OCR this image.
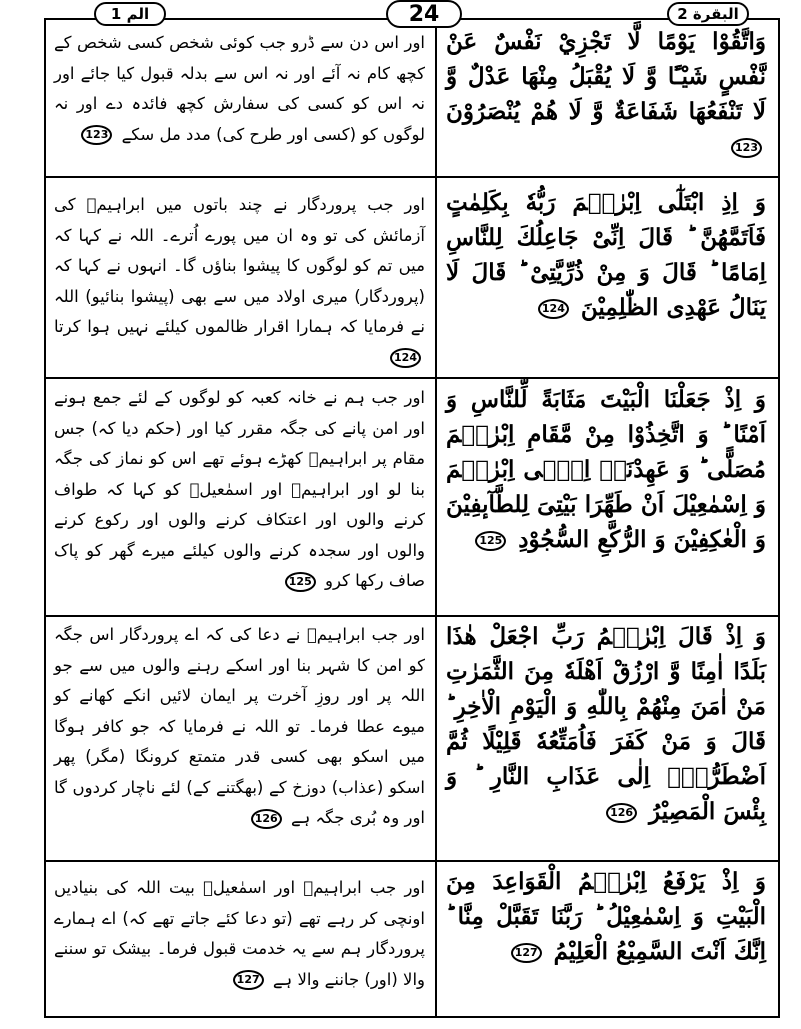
الم 1	24	البقرة 2
وَاتَّقُوْا يَوْمًا لَّا تَجْزِيْ نَفْسٌ عَنْ نَّفْسٍ شَيْـًٔا وَّ لَا يُقْبَلُ مِنْهَا عَدْلٌ وَّ لَا تَنْفَعُهَا شَفَاعَةٌ وَّ لَا هُمْ يُنْصَرُوْنَ 123
اور اس دن سے ڈرو جب کوئی شخص کسی شخص کے کچھ کام نہ آئے اور نہ اس سے بدلہ قبول کیا جائے اور نہ اس کو کسی کی سفارش کچھ فائدہ دے اور نہ لوگوں کو (کسی اور طرح کی) مدد مل سکے 123
وَ اِذِ ابْتَلٰٓى اِبْرٰهٖمَ رَبُّهٗ بِكَلِمٰتٍ فَاَتَمَّهُنَّ ؕ قَالَ اِنِّیْ جَاعِلُكَ لِلنَّاسِ اِمَامًا ؕ قَالَ وَ مِنْ ذُرِّیَّتِیْ ؕ قَالَ لَا یَنَالُ عَهْدِی الظّٰلِمِیْنَ 124
اور جب پروردگار نے چند باتوں میں ابراہیمؑ کی آزمائش کی تو وہ ان میں پورے اُترے۔ اللہ نے کہا کہ میں تم کو لوگوں کا پیشوا بناؤں گا۔ انہوں نے کہا کہ (پروردگار) میری اولاد میں سے بھی (پیشوا بنائیو) اللہ نے فرمایا کہ ہمارا اقرار ظالموں کیلئے نہیں ہوا کرتا 124
وَ اِذْ جَعَلْنَا الْبَیْتَ مَثَابَةً لِّلنَّاسِ وَ اَمْنًا ؕ وَ اتَّخِذُوْا مِنْ مَّقَامِ اِبْرٰهٖمَ مُصَلًّى ؕ وَ عَهِدْنَاۤ اِلٰۤى اِبْرٰهٖمَ وَ اِسْمٰعِیْلَ اَنْ طَهِّرَا بَیْتِیَ لِلطَّآىٕفِیْنَ وَ الْعٰكِفِیْنَ وَ الرُّكَّعِ السُّجُوْدِ 125
اور جب ہم نے خانہ کعبہ کو لوگوں کے لئے جمع ہونے اور امن پانے کی جگہ مقرر کیا اور (حکم دیا کہ) جس مقام پر ابراہیمؑ کھڑے ہوئے تھے اس کو نماز کی جگہ بنا لو اور ابراہیمؑ اور اسمٰعیلؑ کو کہا کہ طواف کرنے والوں اور اعتکاف کرنے والوں اور رکوع کرنے والوں اور سجدہ کرنے والوں کیلئے میرے گھر کو پاک صاف رکھا کرو 125
وَ اِذْ قَالَ اِبْرٰهٖمُ رَبِّ اجْعَلْ هٰذَا بَلَدًا اٰمِنًا وَّ ارْزُقْ اَهْلَهٗ مِنَ الثَّمَرٰتِ مَنْ اٰمَنَ مِنْهُمْ بِاللّٰهِ وَ الْیَوْمِ الْاٰخِرِ ؕ قَالَ وَ مَنْ كَفَرَ فَاُمَتِّعُهٗ قَلِیْلًا ثُمَّ اَضْطَرُّهٗۤ اِلٰى عَذَابِ النَّارِ ؕ وَ بِئْسَ الْمَصِیْرُ 126
اور جب ابراہیمؑ نے دعا کی کہ اے پروردگار اس جگہ کو امن کا شہر بنا اور اسکے رہنے والوں میں سے جو اللہ پر اور روزِ آخرت پر ایمان لائیں انکے کھانے کو میوے عطا فرما۔ تو اللہ نے فرمایا کہ جو کافر ہوگا میں اسکو بھی کسی قدر متمتع کرونگا (مگر) پھر اسکو (عذاب) دوزخ کے (بھگتنے کے) لئے ناچار کردوں گا اور وہ بُری جگہ ہے 126
وَ اِذْ یَرْفَعُ اِبْرٰهٖمُ الْقَوَاعِدَ مِنَ الْبَیْتِ وَ اِسْمٰعِیْلُ ؕ رَبَّنَا تَقَبَّلْ مِنَّا ؕ اِنَّكَ اَنْتَ السَّمِیْعُ الْعَلِیْمُ 127
اور جب ابراہیمؑ اور اسمٰعیلؑ بیت اللہ کی بنیادیں اونچی کر رہے تھے (تو دعا کئے جاتے تھے کہ) اے ہمارے پروردگار ہم سے یہ خدمت قبول فرما۔ بیشک تو سننے والا (اور) جاننے والا ہے 127
